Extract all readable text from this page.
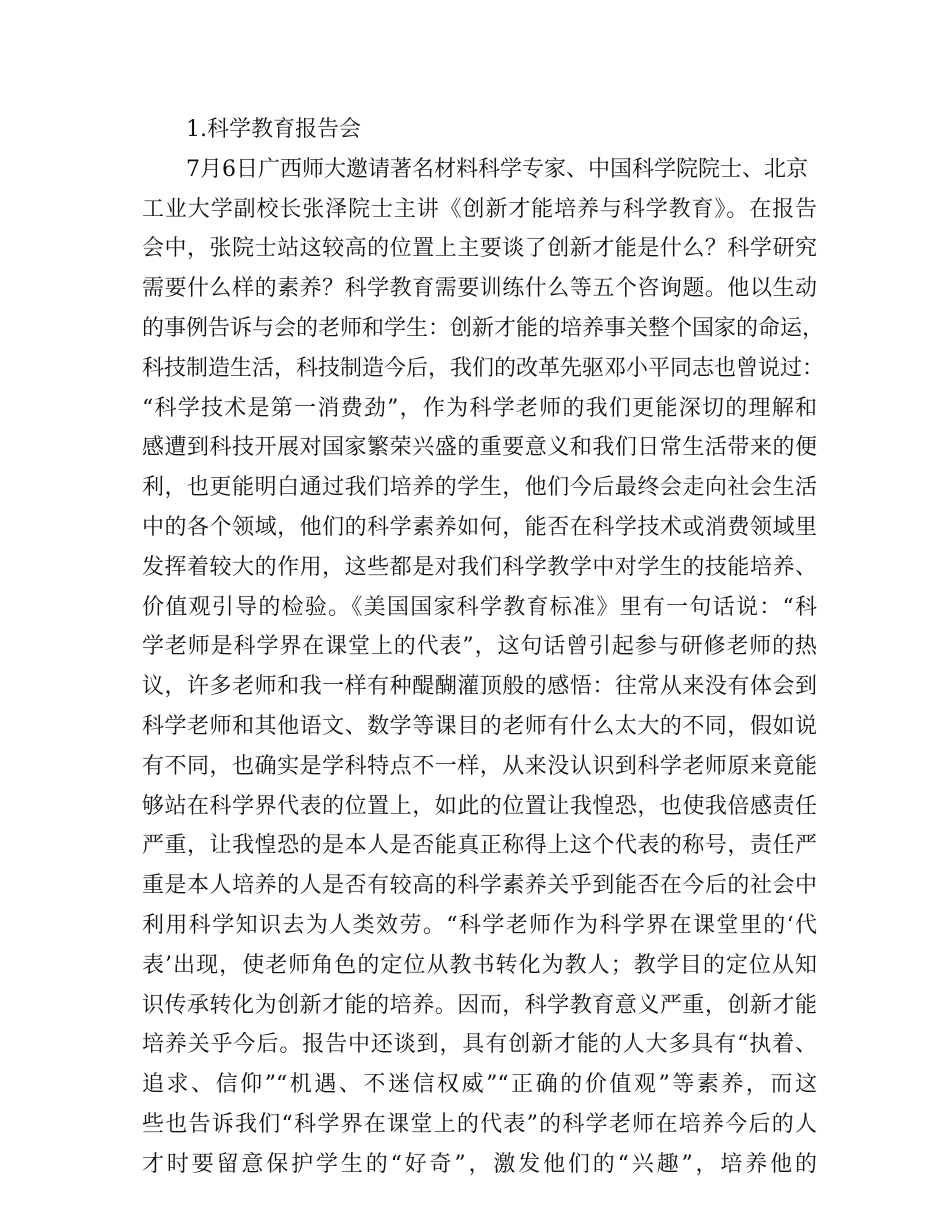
1.科学教育报告会
7月6日广西师大邀请著名材料科学专家、中国科学院院士、北京
工业大学副校长张泽院士主讲《创新才能培养与科学教育》。在报告
会中，张院士站这较高的位置上主要谈了创新才能是什么？科学研究
需要什么样的素养？科学教育需要训练什么等五个咨询题。他以生动
的事例告诉与会的老师和学生：创新才能的培养事关整个国家的命运，
科技制造生活，科技制造今后，我们的改革先驱邓小平同志也曾说过：
“科学技术是第一消费劲”，作为科学老师的我们更能深切的理解和
感遭到科技开展对国家繁荣兴盛的重要意义和我们日常生活带来的便
利，也更能明白通过我们培养的学生，他们今后最终会走向社会生活
中的各个领域，他们的科学素养如何，能否在科学技术或消费领域里
发挥着较大的作用，这些都是对我们科学教学中对学生的技能培养、
价值观引导的检验。《美国国家科学教育标准》里有一句话说：“科
学老师是科学界在课堂上的代表”，这句话曾引起参与研修老师的热
议，许多老师和我一样有种醍醐灌顶般的感悟：往常从来没有体会到
科学老师和其他语文、数学等课目的老师有什么太大的不同，假如说
有不同，也确实是学科特点不一样，从来没认识到科学老师原来竟能
够站在科学界代表的位置上，如此的位置让我惶恐，也使我倍感责任
严重，让我惶恐的是本人是否能真正称得上这个代表的称号，责任严
重是本人培养的人是否有较高的科学素养关乎到能否在今后的社会中
利用科学知识去为人类效劳。“科学老师作为科学界在课堂里的‘代
表’出现，使老师角色的定位从教书转化为教人；教学目的定位从知
识传承转化为创新才能的培养。因而，科学教育意义严重，创新才能
培养关乎今后。报告中还谈到，具有创新才能的人大多具有“执着、
追求、信仰”“机遇、不迷信权威”“正确的价值观”等素养，而这
些也告诉我们“科学界在课堂上的代表”的科学老师在培养今后的人
才时要留意保护学生的“好奇”，激发他们的“兴趣”，培养他的
